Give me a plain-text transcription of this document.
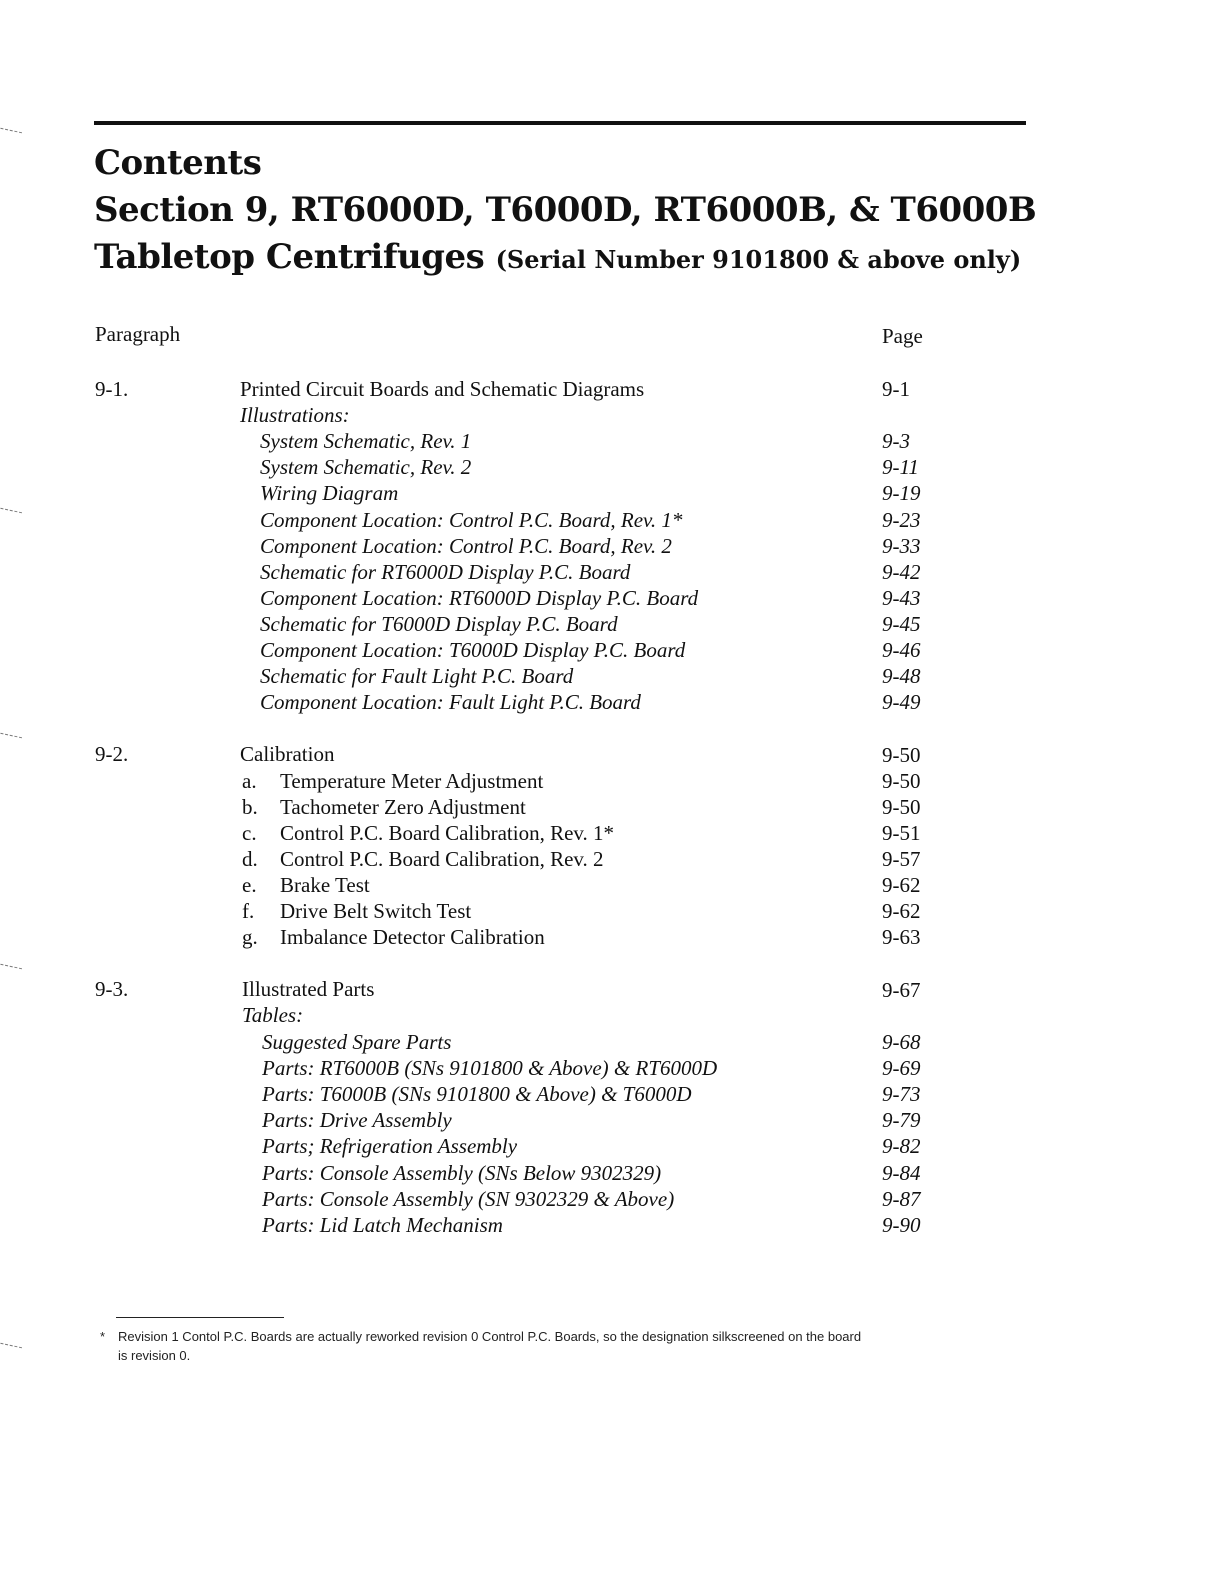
Contents
Section 9, RT6000D, T6000D, RT6000B, & T6000B
Tabletop Centrifuges (Serial Number 9101800 & above only)
Paragraph	Page
9-1.	Printed Circuit Boards and Schematic Diagrams	9-1
Illustrations:
System Schematic, Rev. 1	9-3
System Schematic, Rev. 2	9-11
Wiring Diagram	9-19
Component Location: Control P.C. Board, Rev. 1*	9-23
Component Location: Control P.C. Board, Rev. 2	9-33
Schematic for RT6000D Display P.C. Board	9-42
Component Location: RT6000D Display P.C. Board	9-43
Schematic for T6000D Display P.C. Board	9-45
Component Location: T6000D Display P.C. Board	9-46
Schematic for Fault Light P.C. Board	9-48
Component Location: Fault Light P.C. Board	9-49
9-2.	Calibration	9-50
a. Temperature Meter Adjustment	9-50
b. Tachometer Zero Adjustment	9-50
c. Control P.C. Board Calibration, Rev. 1*	9-51
d. Control P.C. Board Calibration, Rev. 2	9-57
e. Brake Test	9-62
f. Drive Belt Switch Test	9-62
g. Imbalance Detector Calibration	9-63
9-3.	Illustrated Parts	9-67
Tables:
Suggested Spare Parts	9-68
Parts: RT6000B (SNs 9101800 & Above) & RT6000D	9-69
Parts: T6000B (SNs 9101800 & Above) & T6000D	9-73
Parts: Drive Assembly	9-79
Parts; Refrigeration Assembly	9-82
Parts: Console Assembly (SNs Below 9302329)	9-84
Parts: Console Assembly (SN 9302329 & Above)	9-87
Parts: Lid Latch Mechanism	9-90
* Revision 1 Contol P.C. Boards are actually reworked revision 0 Control P.C. Boards, so the designation silkscreened on the board
is revision 0.
